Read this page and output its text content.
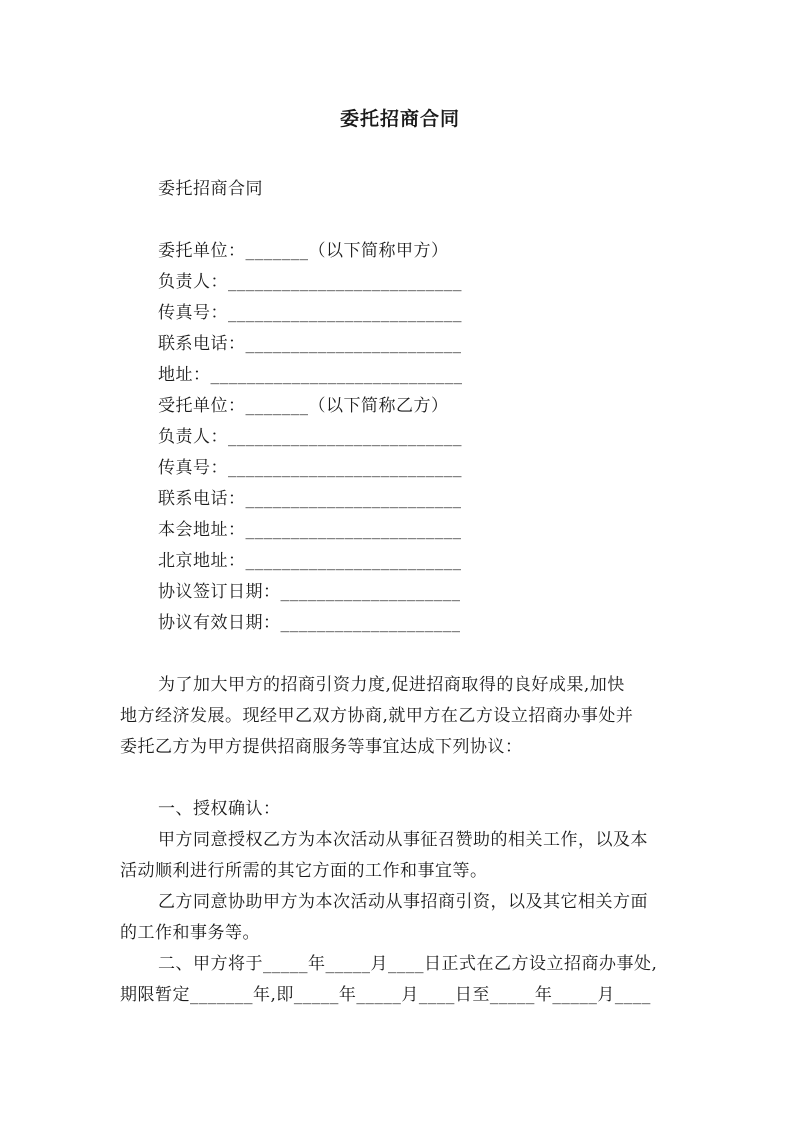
委托招商合同
委托招商合同
委托单位：_______（以下简称甲方）
负责人：__________________________
传真号：__________________________
联系电话：________________________
地址：____________________________
受托单位：_______（以下简称乙方）
负责人：__________________________
传真号：__________________________
联系电话：________________________
本会地址：________________________
北京地址：________________________
协议签订日期：____________________
协议有效日期：____________________
为了加大甲方的招商引资力度,促进招商取得的良好成果,加快
地方经济发展。现经甲乙双方协商,就甲方在乙方设立招商办事处并
委托乙方为甲方提供招商服务等事宜达成下列协议：
一、授权确认：
甲方同意授权乙方为本次活动从事征召赞助的相关工作，以及本
活动顺利进行所需的其它方面的工作和事宜等。
乙方同意协助甲方为本次活动从事招商引资，以及其它相关方面
的工作和事务等。
二、甲方将于_____年_____月____日正式在乙方设立招商办事处,
期限暂定_______年,即_____年_____月____日至_____年_____月____
